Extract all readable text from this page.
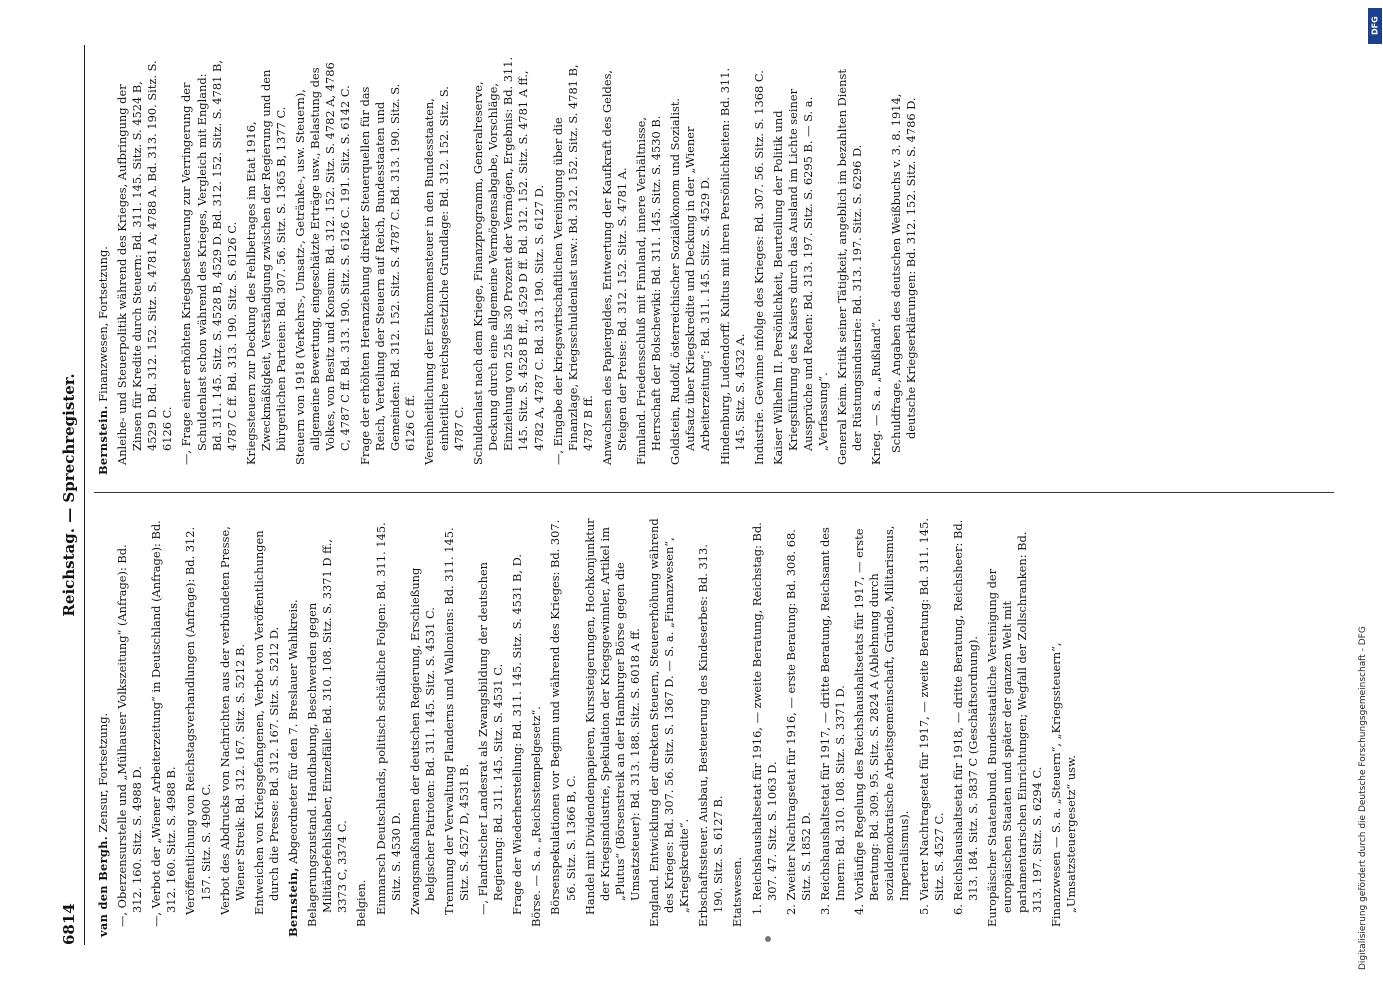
6814
Reichstag. — Sprechregister.

van den Bergh. Zensur, Fortsetzung. —, Oberzensurstelle und „Mülhauser Volkszeitung“ (Anfrage): Bd. 312. 160. Sitz. S. 4988 D. —, Verbot der „Wiener Arbeiterzeitung“ in Deutschland (Anfrage): Bd. 312. 160. Sitz. S. 4988 B. Veröffentlichung von Reichstagsverhandlungen (Anfrage): Bd. 312. 157. Sitz. S. 4900 C. Verbot des Abdrucks von Nachrichten aus der verbündeten Presse, Wiener Streik: Bd. 312. 167. Sitz. S. 5212 B. Entweichen von Kriegsgefangenen, Verbot von Veröffentlichungen durch die Presse: Bd. 312. 167. Sitz. S. 5212 D.

Bernstein, Abgeordneter für den 7. Breslauer Wahlkreis. Belagerungszustand. Handhabung, Beschwerden gegen Militärbefehlshaber, Einzelfälle: Bd. 310. 108. Sitz. S. 3371 D ff., 3373 C, 3374 C. Belgien. Einmarsch Deutschlands, politisch schädliche Folgen: Bd. 311. 145. Sitz. S. 4530 D. Zwangsmaßnahmen der deutschen Regierung, Erschießung belgischer Patrioten: Bd. 311. 145. Sitz. S. 4531 C. Trennung der Verwaltung Flanderns und Walloniens: Bd. 311. 145. Sitz. S. 4527 D, 4531 B. —, Flandrischer Landesrat als Zwangsbildung der deutschen Regierung: Bd. 311. 145. Sitz. S. 4531 C. Frage der Wiederherstellung: Bd. 311. 145. Sitz. S. 4531 B, D. Börse. — S. a. „Reichsstempelgesetz“. Börsenspekulationen vor Beginn und während des Krieges: Bd. 307. 56. Sitz. S. 1366 B, C. Handel mit Dividendenpapieren, Kurssteigerungen, Hochkonjunktur der Kriegsindustrie, Spekulation der Kriegsgewinnler, Artikel im „Plutus“ (Börsenstreik an der Hamburger Börse gegen die Umsatzsteuer): Bd. 313. 188. Sitz. S. 6018 A ff. England. Entwicklung der direkten Steuern, Steuererhöhung während des Krieges: Bd. 307. 56. Sitz. S. 1367 D. — S. a. „Finanzwesen“, „Kriegskredite“. Erbschaftssteuer. Ausbau, Besteuerung des Kindeserbes: Bd. 313. 190. Sitz. S. 6127 B. Etatswesen. 1. Reichshaushaltsetat für 1916, — zweite Beratung, Reichstag: Bd. 307. 47. Sitz. S. 1063 D. 2. Zweiter Nachtragsetat für 1916, — erste Beratung: Bd. 308. 68. Sitz. S. 1852 D. 3. Reichshaushaltsetat für 1917, — dritte Beratung, Reichsamt des Innern: Bd. 310. 108. Sitz. S. 3371 D. 4. Vorläufige Regelung des Reichshaushaltsetats für 1917, — erste Beratung: Bd. 309. 95. Sitz. S. 2824 A (Ablehnung durch sozialdemokratische Arbeitsgemeinschaft, Gründe, Militarismus, Imperialismus). 5. Vierter Nachtragsetat für 1917, — zweite Beratung: Bd. 311. 145. Sitz. S. 4527 C. 6. Reichshaushaltsetat für 1918, — dritte Beratung, Reichsheer: Bd. 313. 184. Sitz. S. 5837 C (Geschäftsordnung). Europäischer Staatenbund. Bundesstaatliche Vereinigung der europäischen Staaten und später der ganzen Welt mit parlamentarischen Einrichtungen; Wegfall der Zollschranken: Bd. 313. 197. Sitz. S. 6294 C. Finanzwesen — S. a. „Steuern“, „Kriegssteuern“, „Umsatzsteuergesetz“ usw.

Bernstein. Finanzwesen, Fortsetzung. Anleihe- und Steuerpolitik während des Krieges, Aufbringung der Zinsen für Kredite durch Steuern: Bd. 311. 145. Sitz. S. 4524 B, 4529 D. Bd. 312. 152. Sitz. S. 4781 A, 4788 A. Bd. 313. 190. Sitz. S. 6126 C. —, Frage einer erhöhten Kriegsbesteuerung zur Verringerung der Schuldenlast schon während des Krieges, Vergleich mit England: Bd. 311. 145. Sitz. S. 4528 B, 4529 D. Bd. 312. 152. Sitz. S. 4781 B, 4787 C ff. Bd. 313. 190. Sitz. S. 6126 C. Kriegssteuern zur Deckung des Fehlbetrages im Etat 1916, Zweckmäßigkeit, Verständigung zwischen der Regierung und den bürgerlichen Parteien: Bd. 307. 56. Sitz. S. 1365 B, 1377 C. Steuern von 1918 (Verkehrs-, Umsatz-, Getränke-, usw. Steuern), allgemeine Bewertung, eingeschätzte Erträge usw., Belastung des Volkes, von Besitz und Konsum: Bd. 312. 152. Sitz. S. 4782 A, 4786 C, 4787 C ff. Bd. 313. 190. Sitz. S. 6126 C. 191. Sitz. S. 6142 C. Frage der erhöhten Heranziehung direkter Steuerquellen für das Reich, Verteilung der Steuern auf Reich, Bundesstaaten und Gemeinden: Bd. 312. 152. Sitz. S. 4787 C. Bd. 313. 190. Sitz. S. 6126 C ff. Vereinheitlichung der Einkommensteuer in den Bundesstaaten, einheitliche reichsgesetzliche Grundlage: Bd. 312. 152. Sitz. S. 4787 C. Schuldenlast nach dem Kriege, Finanzprogramm, Generalreserve, Deckung durch eine allgemeine Vermögensabgabe, Vorschläge, Einziehung von 25 bis 30 Prozent der Vermögen, Ergebnis: Bd. 311. 145. Sitz. S. 4528 B ff., 4529 D ff. Bd. 312. 152. Sitz. S. 4781 A ff., 4782 A, 4787 C. Bd. 313. 190. Sitz. S. 6127 D. —, Eingabe der kriegswirtschaftlichen Vereinigung über die Finanzlage, Kriegsschuldenlast usw.: Bd. 312. 152. Sitz. S. 4781 B, 4787 B ff. Anwachsen des Papiergeldes, Entwertung der Kaufkraft des Geldes, Steigen der Preise: Bd. 312. 152. Sitz. S. 4781 A. Finnland. Friedensschluß mit Finnland, innere Verhältnisse, Herrschaft der Bolschewiki: Bd. 311. 145. Sitz. S. 4530 B. Goldstein, Rudolf, österreichischer Sozialökonom und Sozialist. Aufsatz über Kriegskredite und Deckung in der „Wiener Arbeiterzeitung“: Bd. 311. 145. Sitz. S. 4529 D. Hindenburg, Ludendorff. Kultus mit ihren Persönlichkeiten: Bd. 311. 145. Sitz. S. 4532 A. Industrie. Gewinne infolge des Krieges: Bd. 307. 56. Sitz. S. 1368 C. Kaiser Wilhelm II. Persönlichkeit, Beurteilung der Politik und Kriegsführung des Kaisers durch das Ausland im Lichte seiner Aussprüche und Reden: Bd. 313. 197. Sitz. S. 6295 B. — S. a. „Verfassung“. General Keim. Kritik seiner Tätigkeit, angeblich im bezahlten Dienst der Rüstungsindustrie: Bd. 313. 197. Sitz. S. 6296 D. Krieg. — S. a. „Rußland“. Schuldfrage, Angaben des deutschen Weißbuchs v. 3. 8. 1914, deutsche Kriegserklärungen: Bd. 312. 152. Sitz. S. 4786 D.

Digitalisierung gefördert durch die Deutsche Forschungsgemeinschaft - DFG
DFG
